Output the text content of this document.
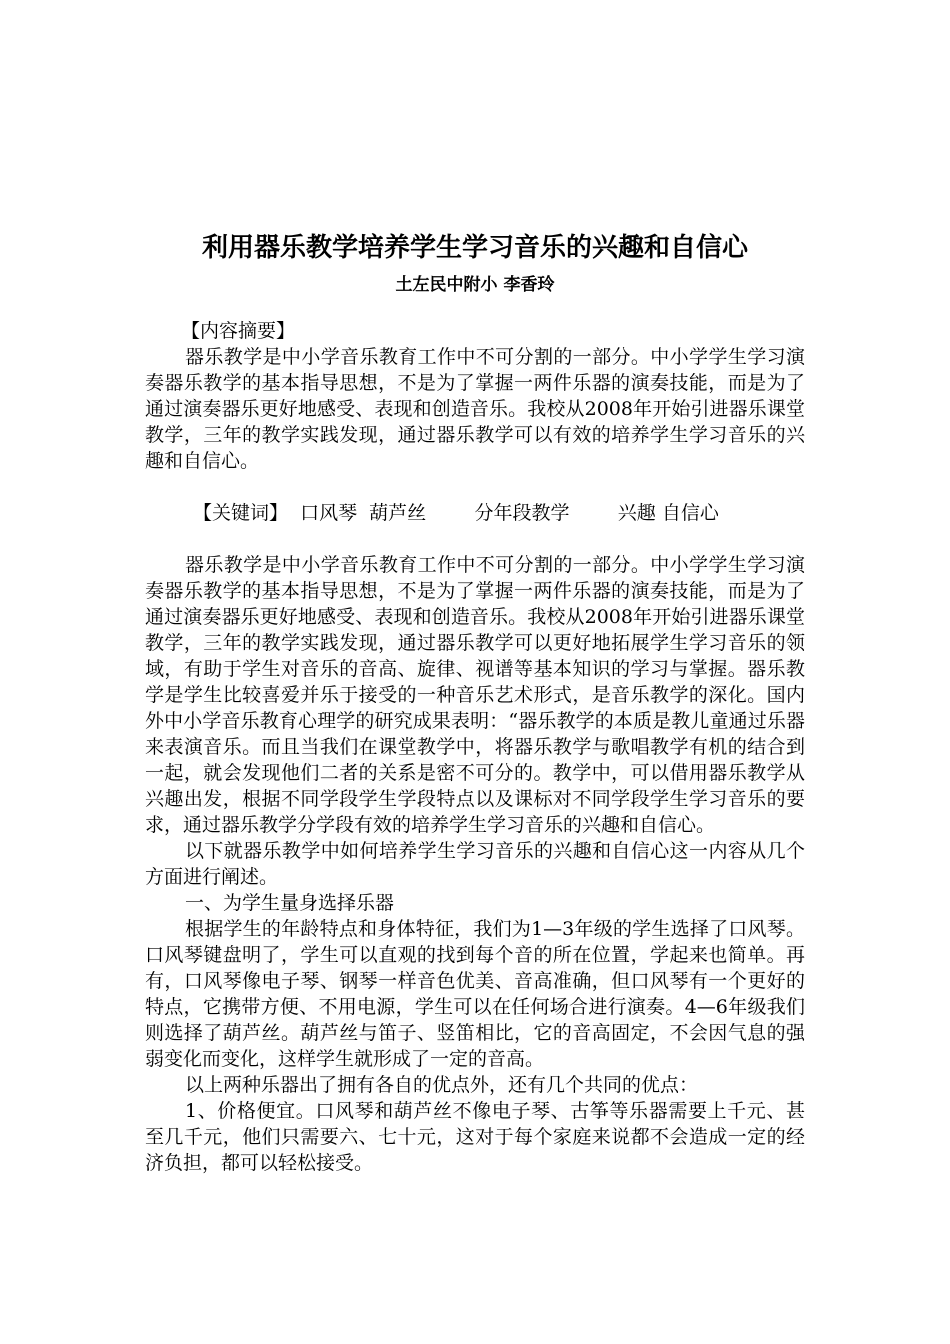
利用器乐教学培养学生学习音乐的兴趣和自信心
土左民中附小 李香玲
【内容摘要】

器乐教学是中小学音乐教育工作中不可分割的一部分。中小学学生学习演奏器乐教学的基本指导思想，不是为了掌握一两件乐器的演奏技能，而是为了通过演奏器乐更好地感受、表现和创造音乐。我校从2008年开始引进器乐课堂教学，三年的教学实践发现，通过器乐教学可以有效的培养学生学习音乐的兴趣和自信心。

【关键词】  口风琴  葫芦丝        分年段教学        兴趣 自信心

器乐教学是中小学音乐教育工作中不可分割的一部分。中小学学生学习演奏器乐教学的基本指导思想，不是为了掌握一两件乐器的演奏技能，而是为了通过演奏器乐更好地感受、表现和创造音乐。我校从2008年开始引进器乐课堂教学，三年的教学实践发现，通过器乐教学可以更好地拓展学生学习音乐的领域，有助于学生对音乐的音高、旋律、视谱等基本知识的学习与掌握。器乐教学是学生比较喜爱并乐于接受的一种音乐艺术形式，是音乐教学的深化。国内外中小学音乐教育心理学的研究成果表明：“器乐教学的本质是教儿童通过乐器来表演音乐。而且当我们在课堂教学中，将器乐教学与歌唱教学有机的结合到一起，就会发现他们二者的关系是密不可分的。教学中，可以借用器乐教学从兴趣出发，根据不同学段学生学段特点以及课标对不同学段学生学习音乐的要求，通过器乐教学分学段有效的培养学生学习音乐的兴趣和自信心。

以下就器乐教学中如何培养学生学习音乐的兴趣和自信心这一内容从几个方面进行阐述。

一、为学生量身选择乐器

根据学生的年龄特点和身体特征，我们为1—3年级的学生选择了口风琴。口风琴键盘明了，学生可以直观的找到每个音的所在位置，学起来也简单。再有，口风琴像电子琴、钢琴一样音色优美、音高准确，但口风琴有一个更好的特点，它携带方便、不用电源，学生可以在任何场合进行演奏。4—6年级我们则选择了葫芦丝。葫芦丝与笛子、竖笛相比，它的音高固定，不会因气息的强弱变化而变化，这样学生就形成了一定的音高。

以上两种乐器出了拥有各自的优点外，还有几个共同的优点：

1、价格便宜。口风琴和葫芦丝不像电子琴、古筝等乐器需要上千元、甚至几千元，他们只需要六、七十元，这对于每个家庭来说都不会造成一定的经济负担，都可以轻松接受。
